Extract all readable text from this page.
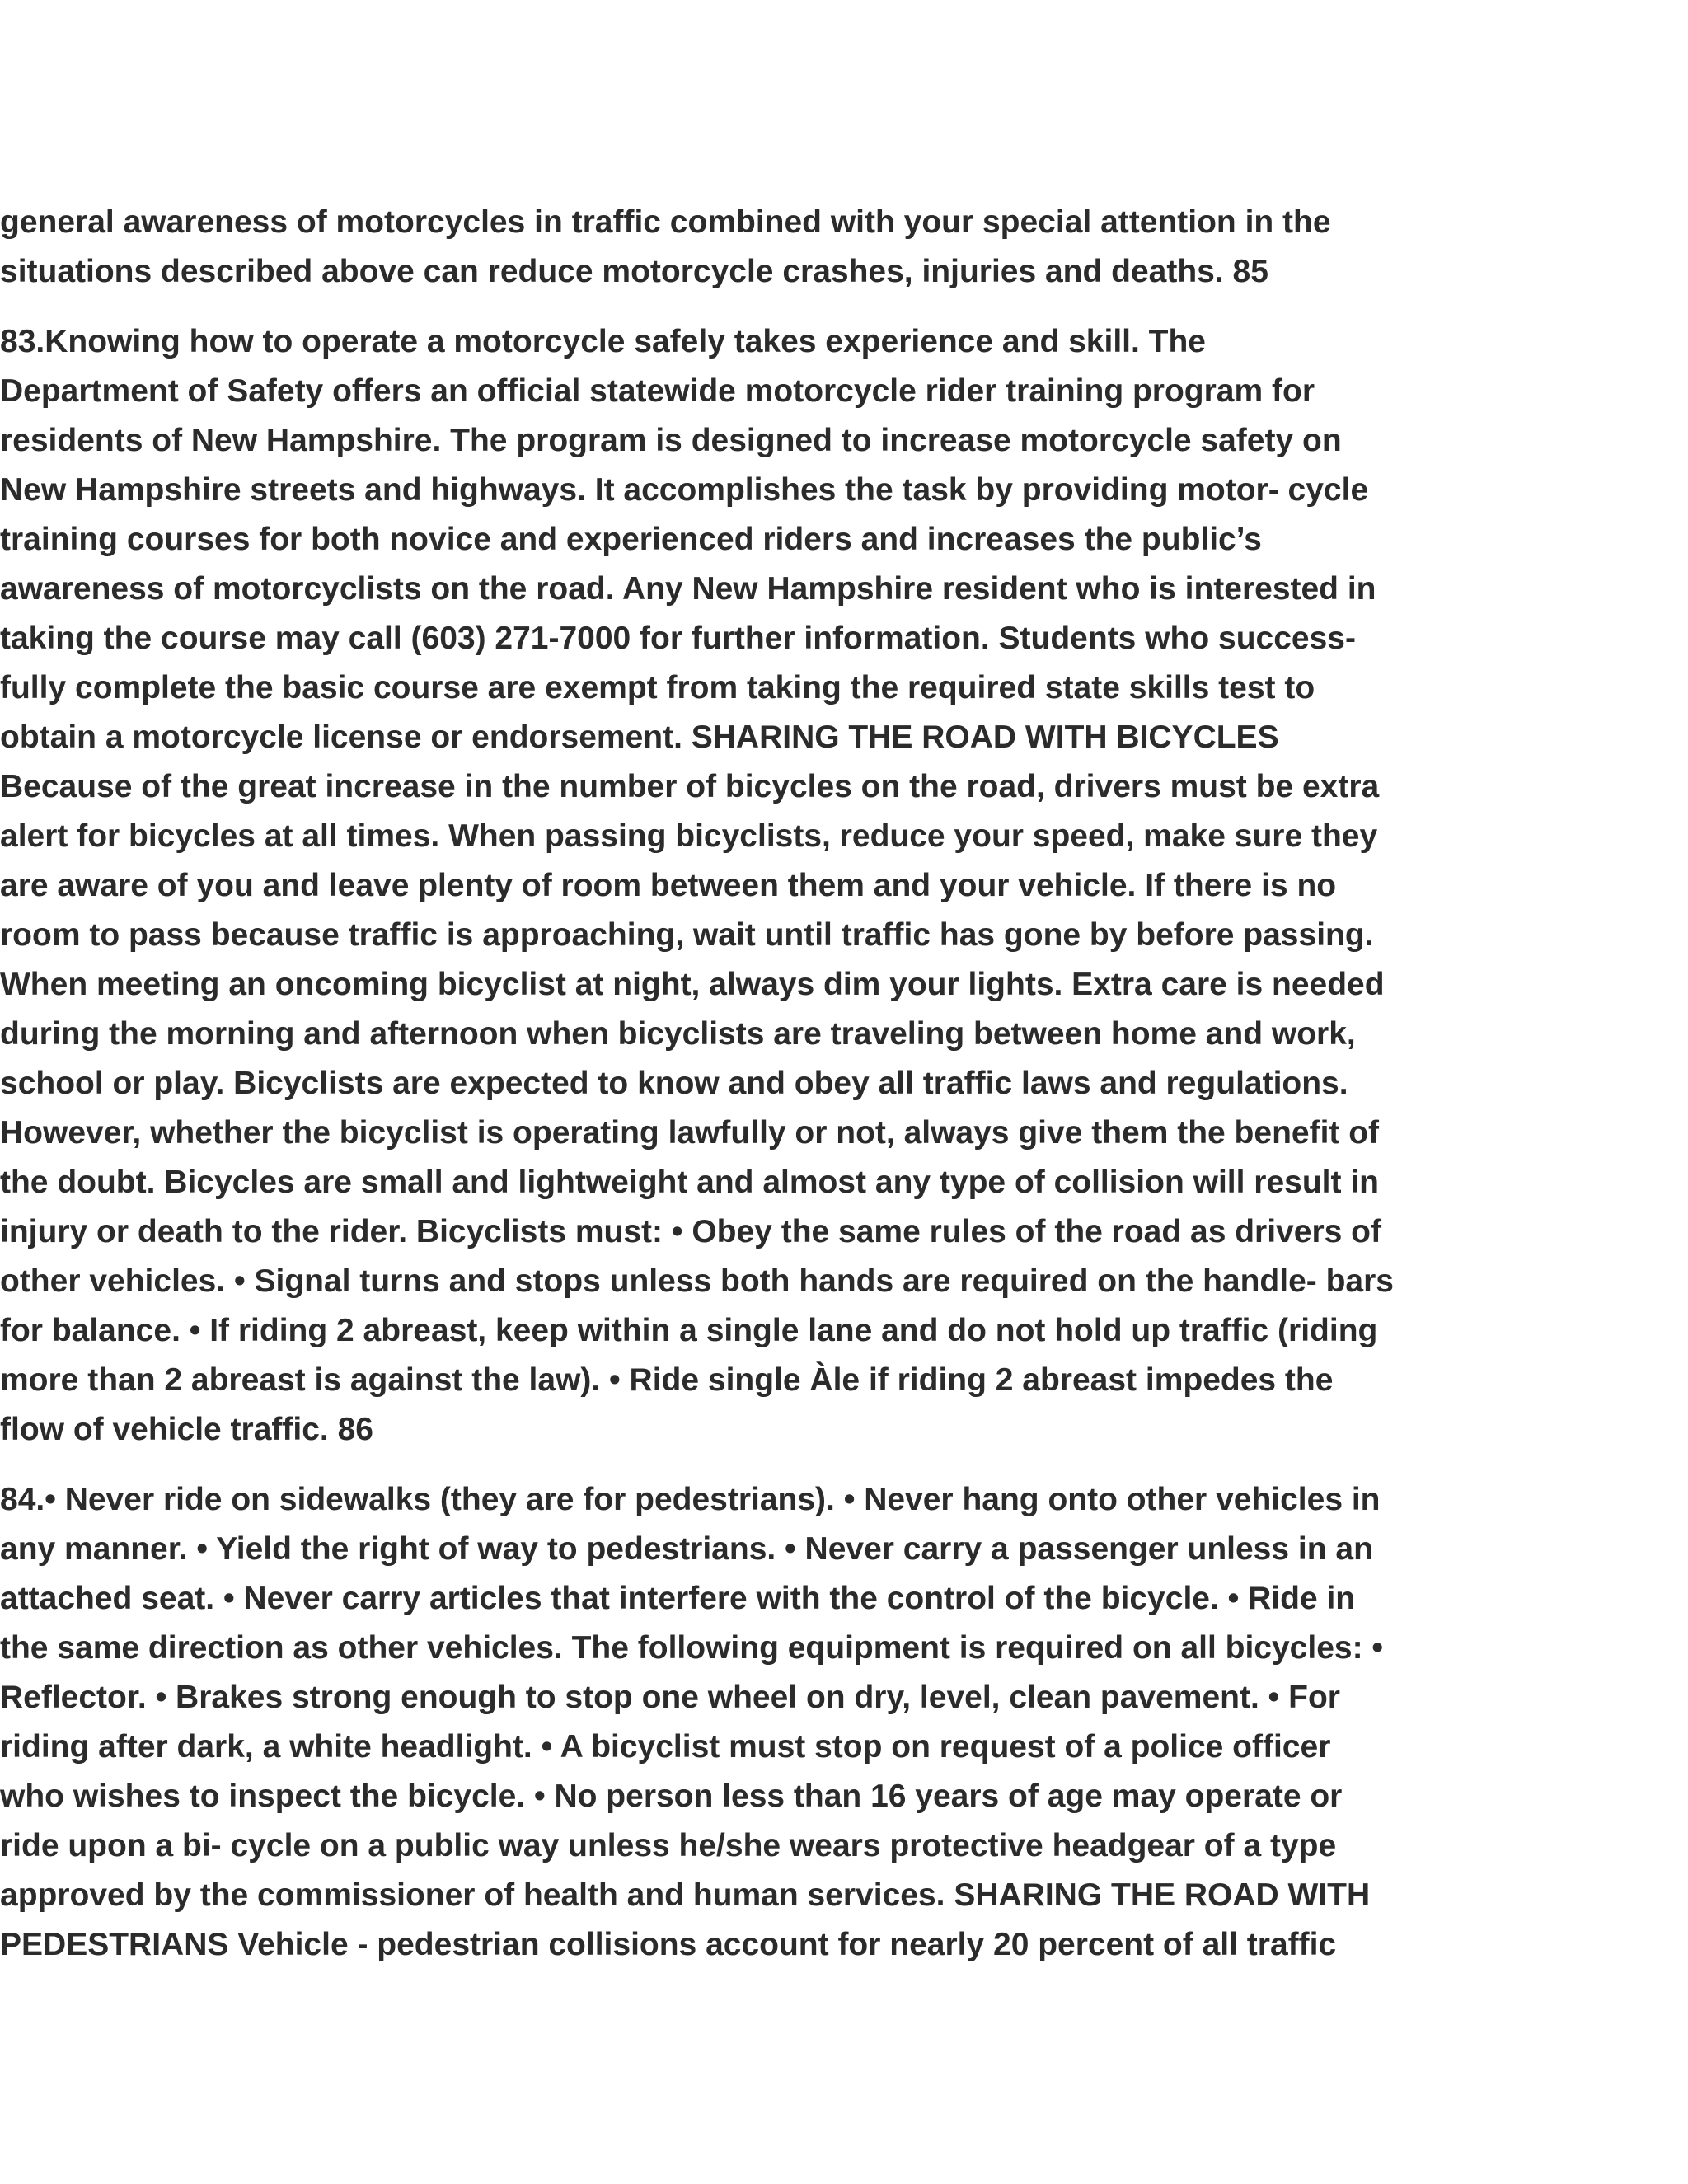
general awareness of motorcycles in traffic combined with your special attention in the
situations described above can reduce motorcycle crashes, injuries and deaths. 85

83.Knowing how to operate a motorcycle safely takes experience and skill. The
Department of Safety offers an official statewide motorcycle rider training program for
residents of New Hampshire. The program is designed to increase motorcycle safety on
New Hampshire streets and highways. It accomplishes the task by providing motor- cycle
training courses for both novice and experienced riders and increases the public’s
awareness of motorcyclists on the road. Any New Hampshire resident who is interested in
taking the course may call (603) 271-7000 for further information. Students who success-
fully complete the basic course are exempt from taking the required state skills test to
obtain a motorcycle license or endorsement. SHARING THE ROAD WITH BICYCLES
Because of the great increase in the number of bicycles on the road, drivers must be extra
alert for bicycles at all times. When passing bicyclists, reduce your speed, make sure they
are aware of you and leave plenty of room between them and your vehicle. If there is no
room to pass because traffic is approaching, wait until traffic has gone by before passing.
When meeting an oncoming bicyclist at night, always dim your lights. Extra care is needed
during the morning and afternoon when bicyclists are traveling between home and work,
school or play. Bicyclists are expected to know and obey all traffic laws and regulations.
However, whether the bicyclist is operating lawfully or not, always give them the benefit of
the doubt. Bicycles are small and lightweight and almost any type of collision will result in
injury or death to the rider. Bicyclists must: • Obey the same rules of the road as drivers of
other vehicles. • Signal turns and stops unless both hands are required on the handle- bars
for balance. • If riding 2 abreast, keep within a single lane and do not hold up traffic (riding
more than 2 abreast is against the law). • Ride single Àle if riding 2 abreast impedes the
flow of vehicle traffic. 86

84.• Never ride on sidewalks (they are for pedestrians). • Never hang onto other vehicles in
any manner. • Yield the right of way to pedestrians. • Never carry a passenger unless in an
attached seat. • Never carry articles that interfere with the control of the bicycle. • Ride in
the same direction as other vehicles. The following equipment is required on all bicycles: •
Reflector. • Brakes strong enough to stop one wheel on dry, level, clean pavement. • For
riding after dark, a white headlight. • A bicyclist must stop on request of a police officer
who wishes to inspect the bicycle. • No person less than 16 years of age may operate or
ride upon a bi- cycle on a public way unless he/she wears protective headgear of a type
approved by the commissioner of health and human services. SHARING THE ROAD WITH
PEDESTRIANS Vehicle - pedestrian collisions account for nearly 20 percent of all traffic
